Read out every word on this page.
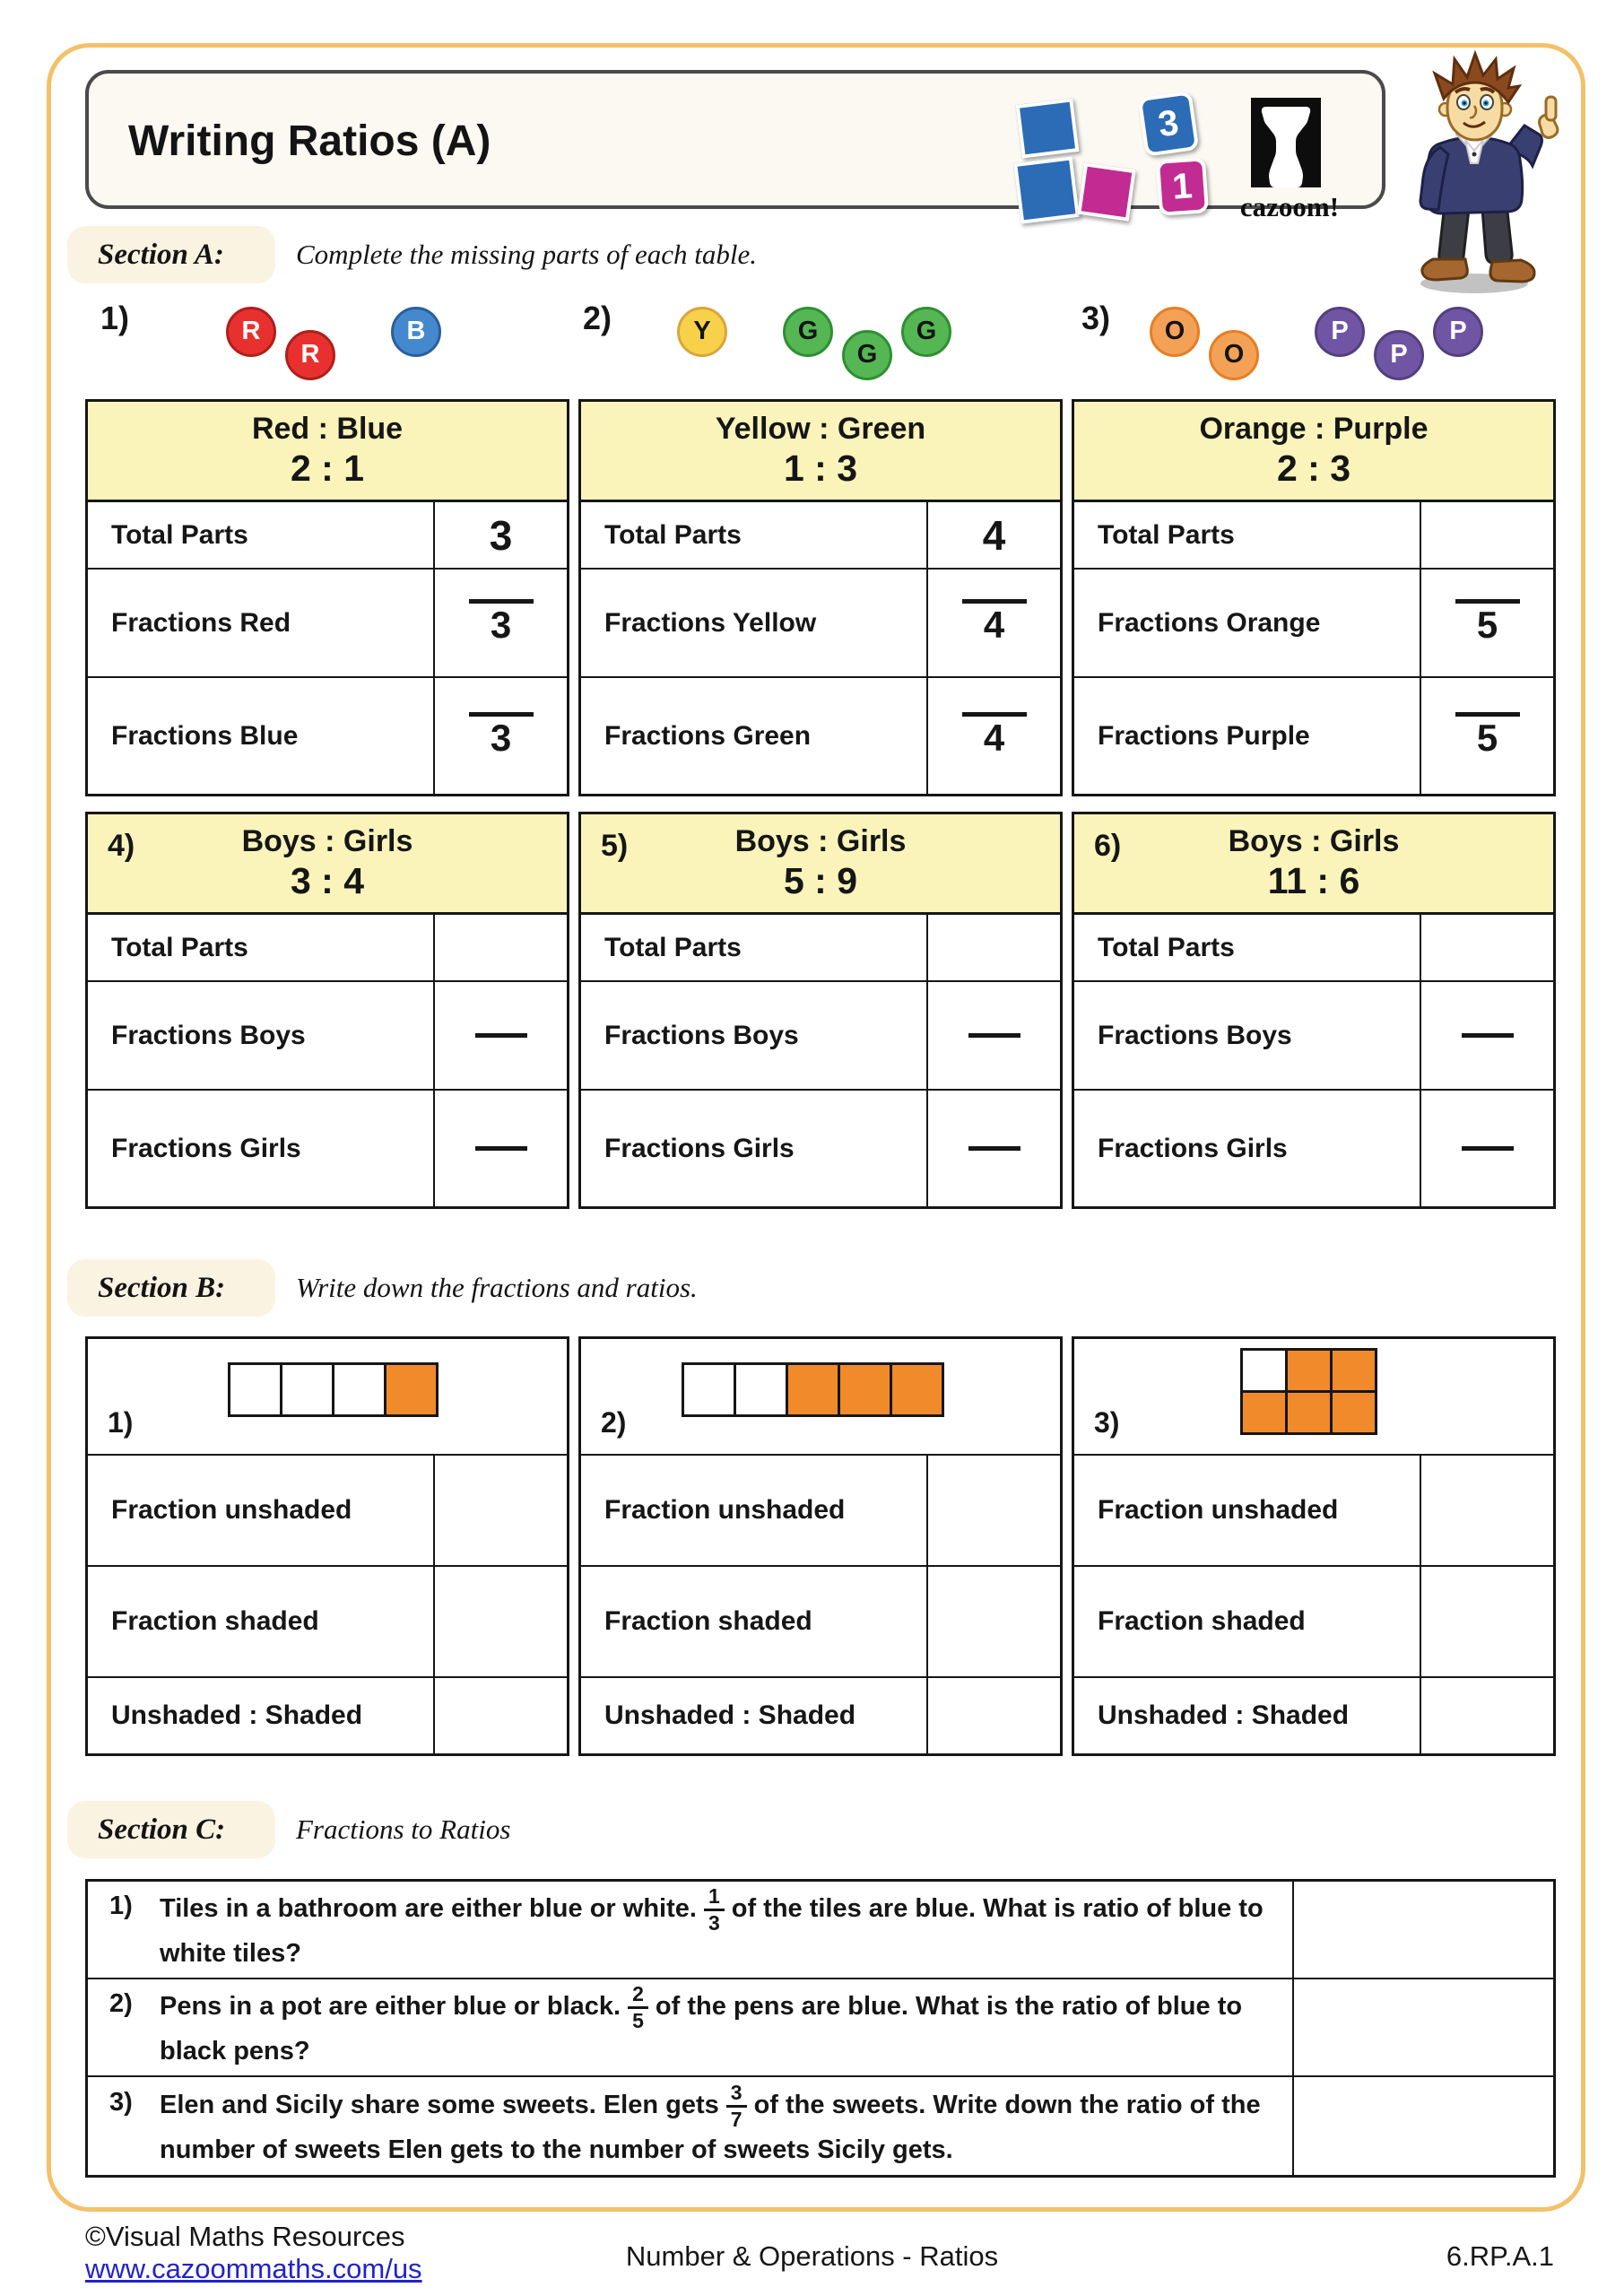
Writing Ratios (A)	3
1
cazoom!
Section A:	Complete the missing parts of each table.
1)	RRB	2)	Y	GGG	3)	OOPPP
Red : Blue
2 : 1
Total Parts	3
Fractions Red	3
Fractions Blue	3
Yellow : Green
1 : 3
Total Parts	4
Fractions Yellow	4
Fractions Green	4
Orange : Purple
2 : 3
Total Parts
Fractions Orange	5
Fractions Purple	5
4)	Boys : Girls
3 : 4
Total Parts
Fractions Boys
Fractions Girls
5)	Boys : Girls
5 : 9
Total Parts
Fractions Boys
Fractions Girls
6)	Boys : Girls
11 : 6
Total Parts
Fractions Boys
Fractions Girls
Section B:	Write down the fractions and ratios.
1)
Fraction unshaded
Fraction shaded
Unshaded : Shaded
2)
Fraction unshaded
Fraction shaded
Unshaded : Shaded
3)
Fraction unshaded
Fraction shaded
Unshaded : Shaded
Section C:	Fractions to Ratios
1)	Tiles in a bathroom are either blue or white. $\frac{1}{3}$ of the tiles are blue. What is ratio of blue to white tiles?
2)	Pens in a pot are either blue or black. $\frac{2}{5}$ of the pens are blue. What is the ratio of blue to black pens?
3)	Elen and Sicily share some sweets. Elen gets $\frac{3}{7}$ of the sweets. Write down the ratio of the number of sweets Elen gets to the number of sweets Sicily gets.
©Visual Maths Resources
www.cazoommaths.com/us	Number & Operations - Ratios	6.RP.A.1
